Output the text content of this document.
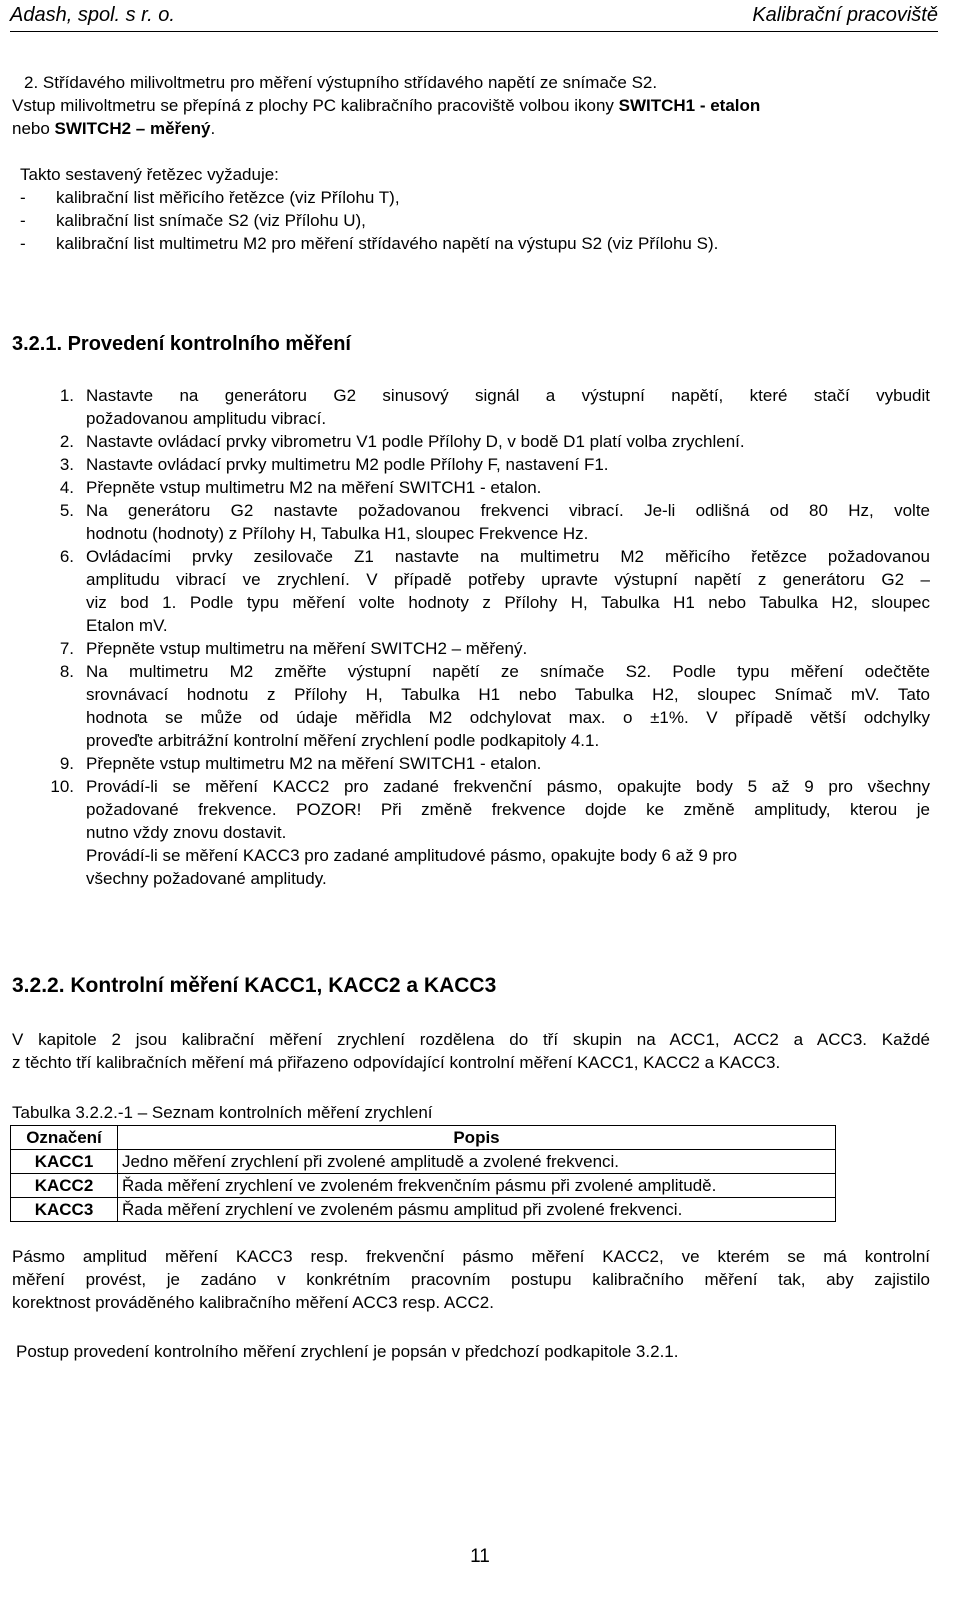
Adash, spol. s r. o.	Kalibrační pracoviště

2. Střídavého milivoltmetru pro měření výstupního střídavého napětí ze snímače S2.

Vstup milivoltmetru se přepíná z plochy PC kalibračního pracoviště volbou ikony SWITCH1 - etalon

nebo SWITCH2 – měřený.

Takto sestavený řetězec vyžaduje:
-	kalibrační list měřicího řetězce (viz Přílohu T),
-	kalibrační list snímače S2 (viz Přílohu U),
-	kalibrační list multimetru M2 pro měření střídavého napětí na výstupu S2 (viz Přílohu S).
3.2.1. Provedení kontrolního měření
1. Nastavte na generátoru G2 sinusový signál a výstupní napětí, které stačí vybudit
požadovanou amplitudu vibrací.
2. Nastavte ovládací prvky vibrometru V1 podle Přílohy D, v bodě D1 platí volba zrychlení.
3. Nastavte ovládací prvky multimetru M2 podle Přílohy F, nastavení F1.
4. Přepněte vstup multimetru M2 na měření SWITCH1 - etalon.
5. Na generátoru G2 nastavte požadovanou frekvenci vibrací. Je-li odlišná od 80 Hz, volte
hodnotu (hodnoty) z Přílohy H, Tabulka H1, sloupec Frekvence Hz.
6. Ovládacími prvky zesilovače Z1 nastavte na multimetru M2 měřicího řetězce požadovanou
amplitudu vibrací ve zrychlení. V případě potřeby upravte výstupní napětí z generátoru G2 –
viz bod 1. Podle typu měření volte hodnoty z Přílohy H, Tabulka H1 nebo Tabulka H2, sloupec
Etalon mV.
7. Přepněte vstup multimetru na měření SWITCH2 – měřený.
8. Na multimetru M2 změřte výstupní napětí ze snímače S2. Podle typu měření odečtěte
srovnávací hodnotu z Přílohy H, Tabulka H1 nebo Tabulka H2, sloupec Snímač mV. Tato
hodnota se může od údaje měřidla M2 odchylovat max. o ±1%. V případě větší odchylky
proveďte arbitrážní kontrolní měření zrychlení podle podkapitoly 4.1.
9. Přepněte vstup multimetru M2 na měření SWITCH1 - etalon.
10. Provádí-li se měření KACC2 pro zadané frekvenční pásmo, opakujte body 5 až 9 pro všechny
požadované frekvence. POZOR! Při změně frekvence dojde ke změně amplitudy, kterou je
nutno vždy znovu dostavit.
Provádí-li se měření KACC3 pro zadané amplitudové pásmo, opakujte body 6 až 9 pro
všechny požadované amplitudy.
3.2.2. Kontrolní měření KACC1, KACC2 a KACC3
V kapitole 2 jsou kalibrační měření zrychlení rozdělena do tří skupin na ACC1, ACC2 a ACC3. Každé
z těchto tří kalibračních měření má přiřazeno odpovídající kontrolní měření KACC1, KACC2 a KACC3.
Tabulka 3.2.2.-1 – Seznam kontrolních měření zrychlení
Označení	Popis
KACC1	Jedno měření zrychlení při zvolené amplitudě a zvolené frekvenci.
KACC2	Řada měření zrychlení ve zvoleném frekvenčním pásmu při zvolené amplitudě.
KACC3	Řada měření zrychlení ve zvoleném pásmu amplitud při zvolené frekvenci.
Pásmo amplitud měření KACC3 resp. frekvenční pásmo měření KACC2, ve kterém se má kontrolní
měření provést, je zadáno v konkrétním pracovním postupu kalibračního měření tak, aby zajistilo
korektnost prováděného kalibračního měření ACC3 resp. ACC2.
Postup provedení kontrolního měření zrychlení je popsán v předchozí podkapitole 3.2.1.
11
